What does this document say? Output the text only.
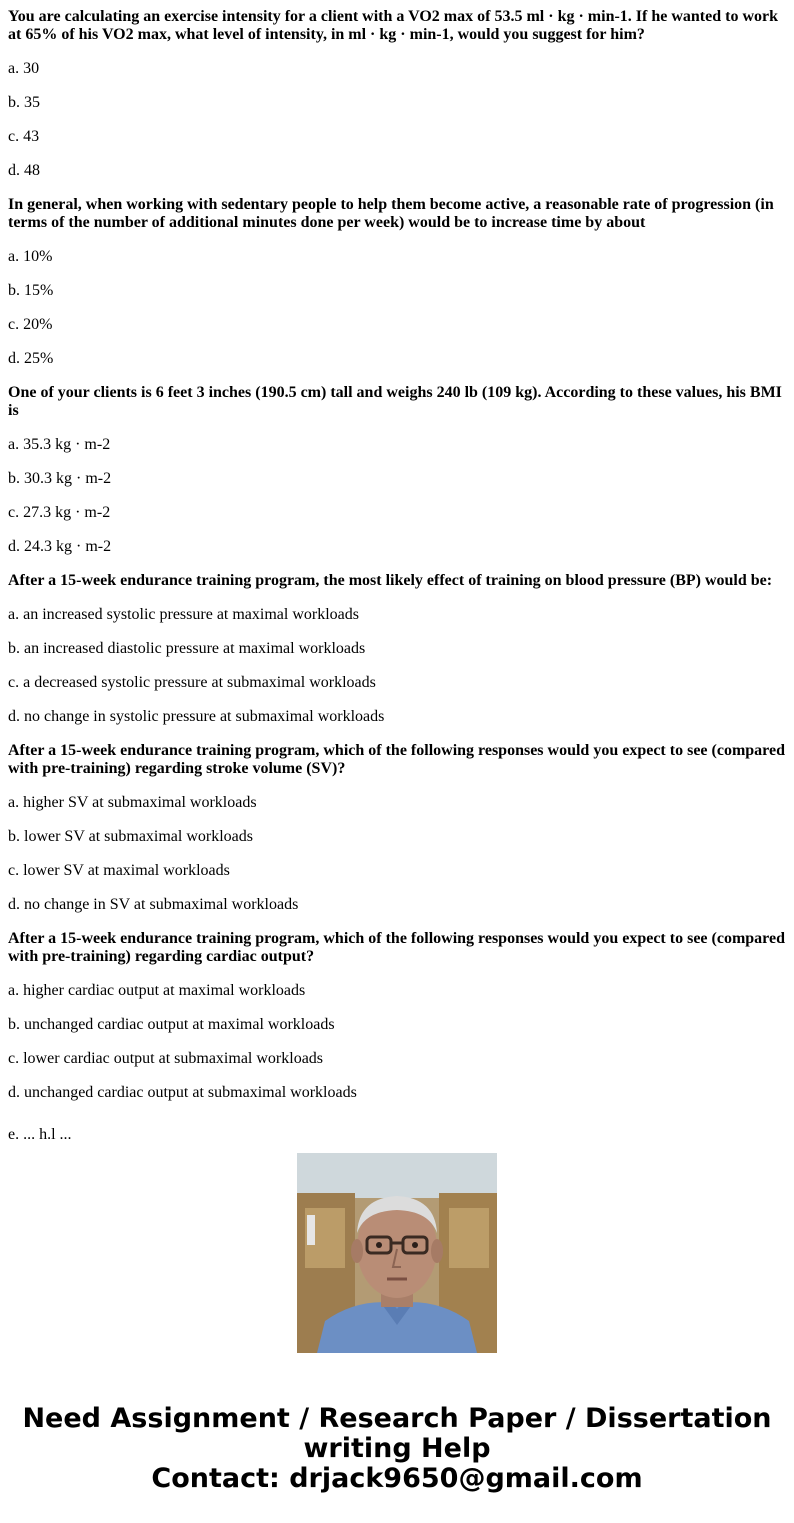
You are calculating an exercise intensity for a client with a VO2 max of 53.5 ml · kg · min-1. If he wanted to work at 65% of his VO2 max, what level of intensity, in ml · kg · min-1, would you suggest for him?
a. 30
b. 35
c. 43
d. 48
In general, when working with sedentary people to help them become active, a reasonable rate of progression (in terms of the number of additional minutes done per week) would be to increase time by about
a. 10%
b. 15%
c. 20%
d. 25%
One of your clients is 6 feet 3 inches (190.5 cm) tall and weighs 240 lb (109 kg). According to these values, his BMI is
a. 35.3 kg · m-2
b. 30.3 kg · m-2
c. 27.3 kg · m-2
d. 24.3 kg · m-2
After a 15-week endurance training program, the most likely effect of training on blood pressure (BP) would be:
a. an increased systolic pressure at maximal workloads
b. an increased diastolic pressure at maximal workloads
c. a decreased systolic pressure at submaximal workloads
d. no change in systolic pressure at submaximal workloads
After a 15-week endurance training program, which of the following responses would you expect to see (compared with pre-training) regarding stroke volume (SV)?
a. higher SV at submaximal workloads
b. lower SV at submaximal workloads
c. lower SV at maximal workloads
d. no change in SV at submaximal workloads
After a 15-week endurance training program, which of the following responses would you expect to see (compared with pre-training) regarding cardiac output?
a. higher cardiac output at maximal workloads
b. unchanged cardiac output at maximal workloads
c. lower cardiac output at submaximal workloads
d. unchanged cardiac output at submaximal workloads
e. ... h.l ...
Need Assignment / Research Paper / Dissertation
writing Help
Contact: drjack9650@gmail.com
